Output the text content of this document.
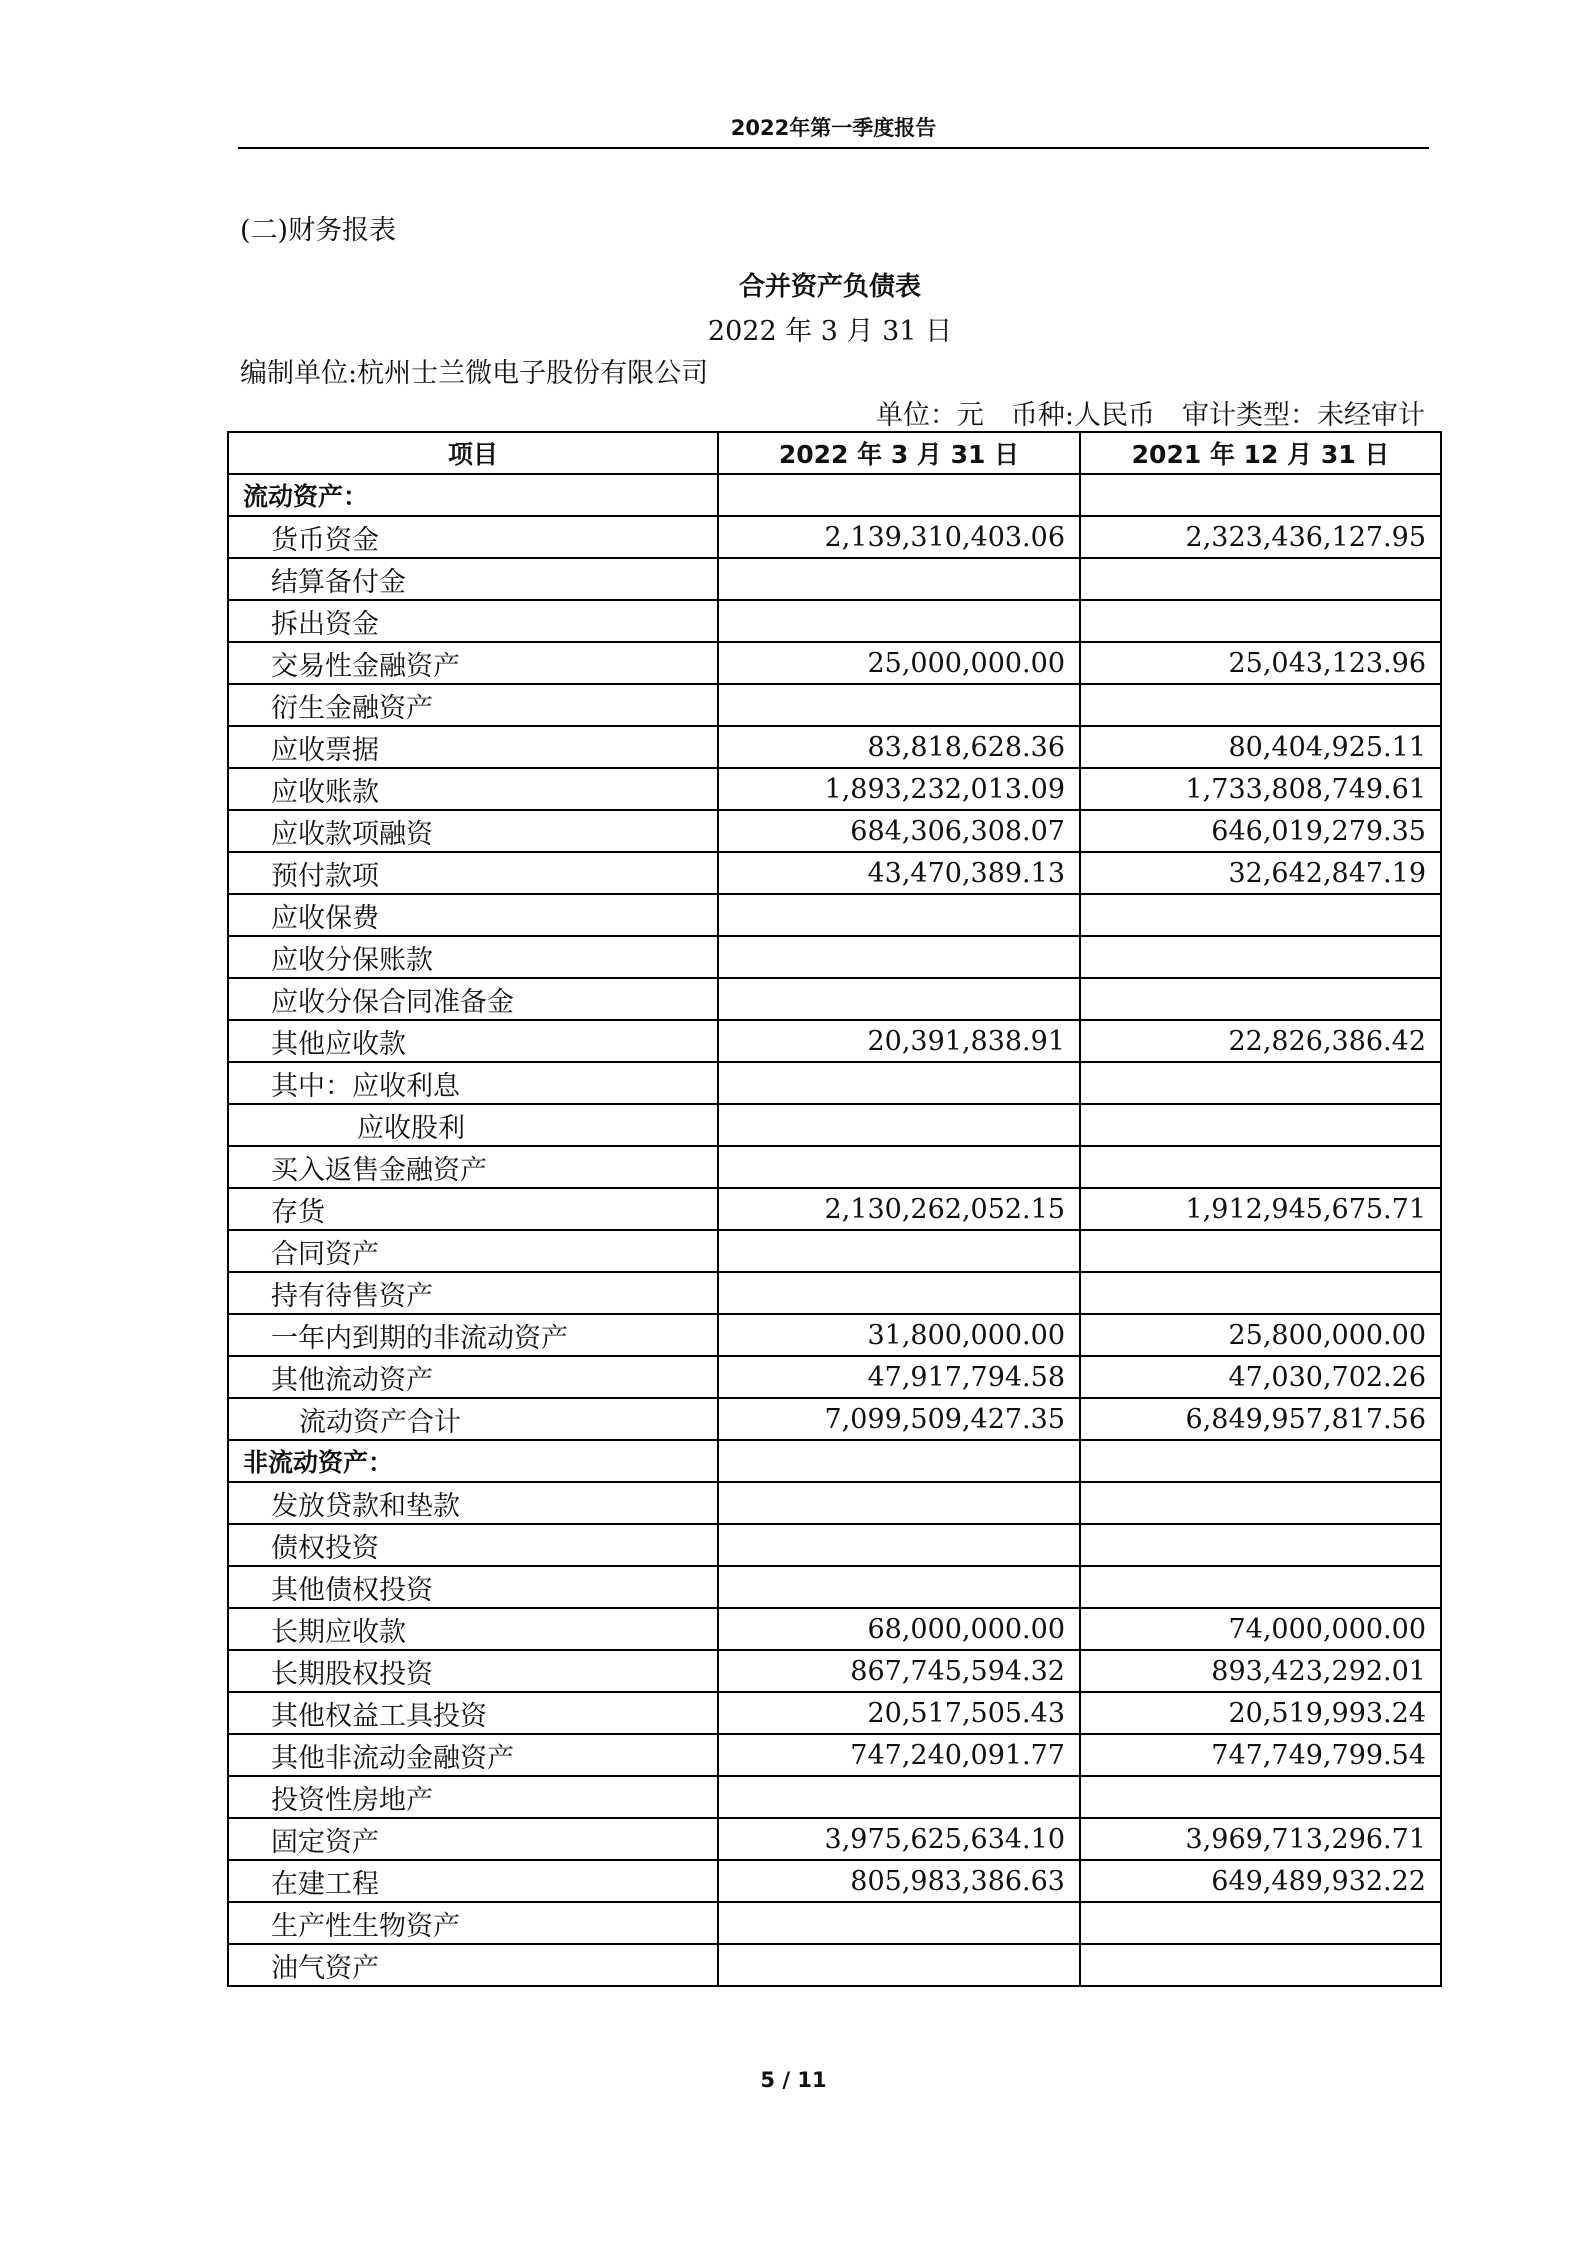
2022年第一季度报告
(二)财务报表
合并资产负债表
2022 年 3 月 31 日
编制单位:杭州士兰微电子股份有限公司
单位：元　币种:人民币　审计类型：未经审计
项目	2022 年 3 月 31 日	2021 年 12 月 31 日
流动资产：		
货币资金	2,139,310,403.06	2,323,436,127.95
结算备付金		
拆出资金		
交易性金融资产	25,000,000.00	25,043,123.96
衍生金融资产		
应收票据	83,818,628.36	80,404,925.11
应收账款	1,893,232,013.09	1,733,808,749.61
应收款项融资	684,306,308.07	646,019,279.35
预付款项	43,470,389.13	32,642,847.19
应收保费		
应收分保账款		
应收分保合同准备金		
其他应收款	20,391,838.91	22,826,386.42
其中：应收利息		
应收股利		
买入返售金融资产		
存货	2,130,262,052.15	1,912,945,675.71
合同资产		
持有待售资产		
一年内到期的非流动资产	31,800,000.00	25,800,000.00
其他流动资产	47,917,794.58	47,030,702.26
流动资产合计	7,099,509,427.35	6,849,957,817.56
非流动资产：		
发放贷款和垫款		
债权投资		
其他债权投资		
长期应收款	68,000,000.00	74,000,000.00
长期股权投资	867,745,594.32	893,423,292.01
其他权益工具投资	20,517,505.43	20,519,993.24
其他非流动金融资产	747,240,091.77	747,749,799.54
投资性房地产		
固定资产	3,975,625,634.10	3,969,713,296.71
在建工程	805,983,386.63	649,489,932.22
生产性生物资产		
油气资产		
5 / 11
